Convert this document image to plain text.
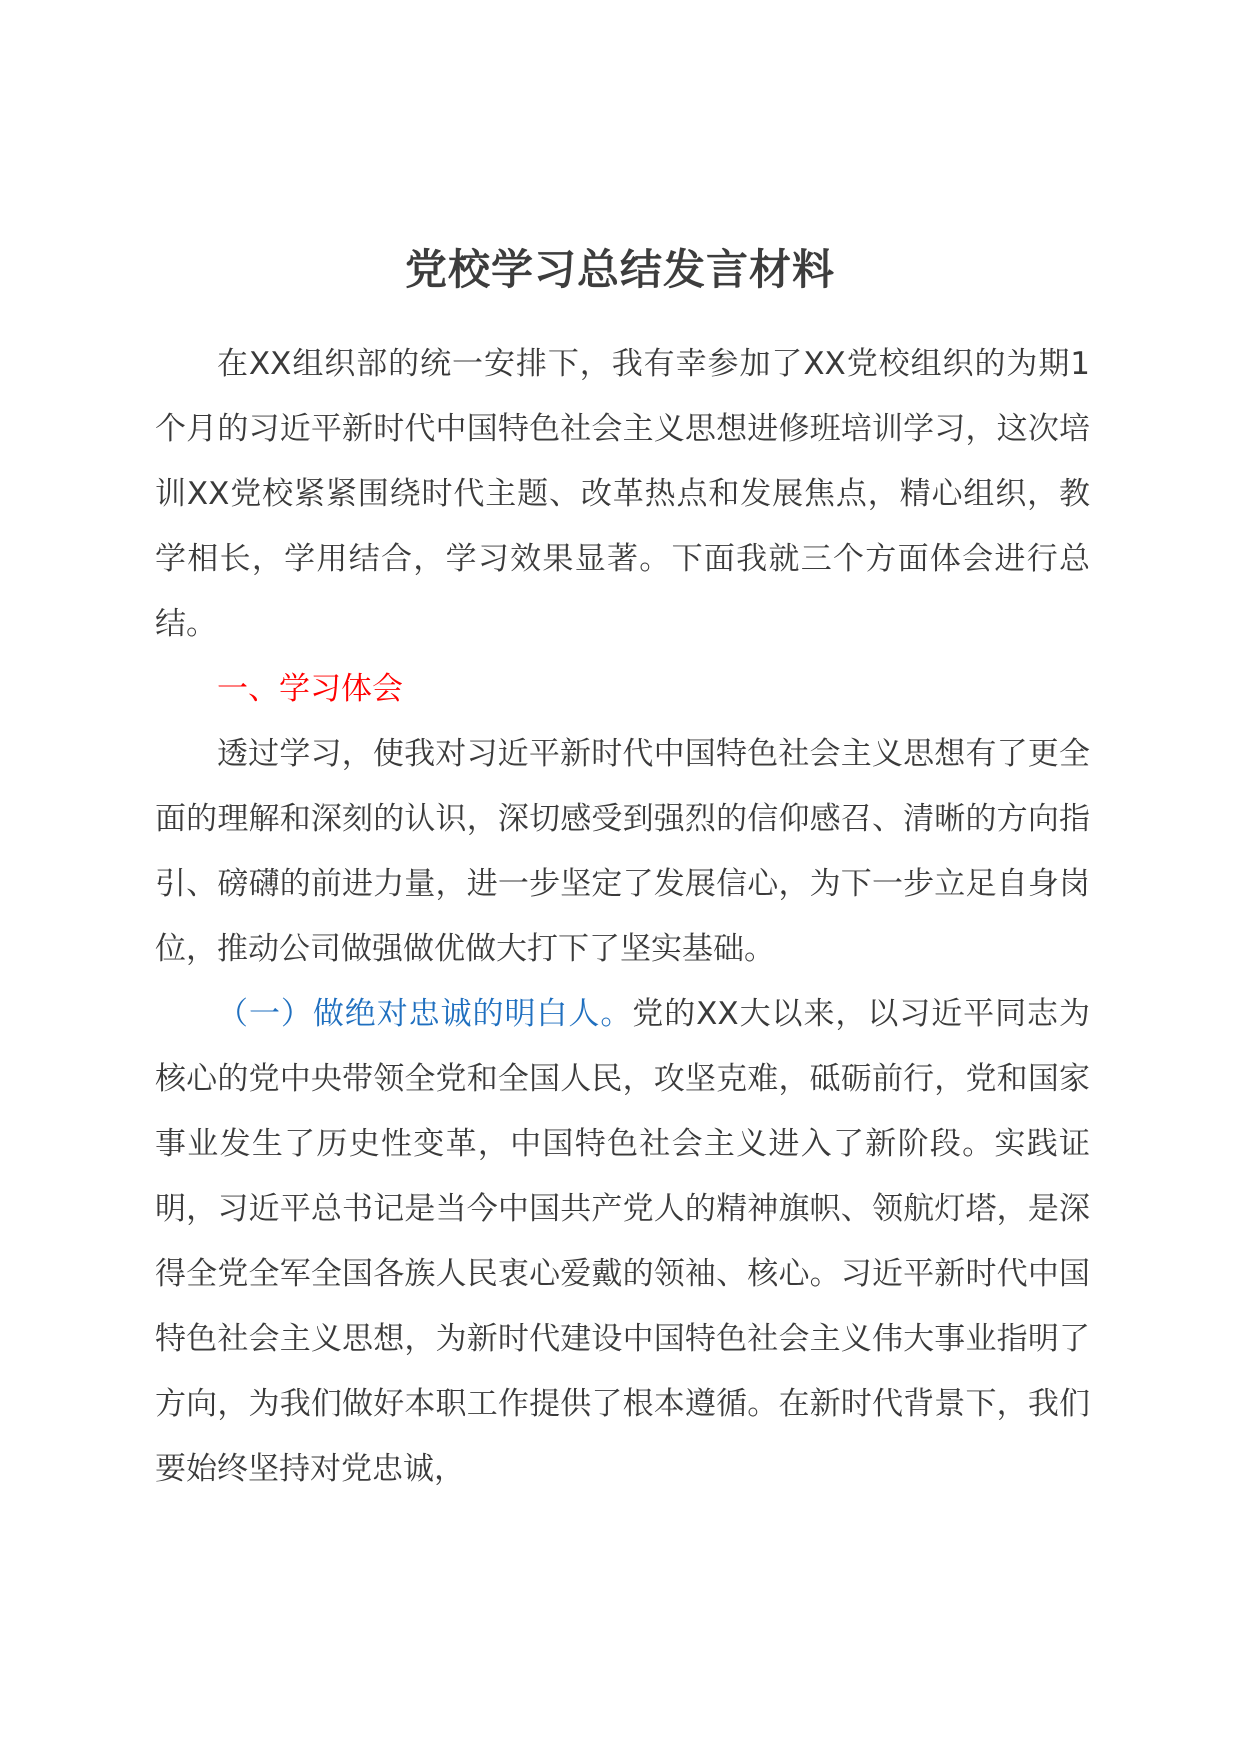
党校学习总结发言材料

在XX组织部的统一安排下，我有幸参加了XX党校组织的为期1个月的习近平新时代中国特色社会主义思想进修班培训学习，这次培训XX党校紧紧围绕时代主题、改革热点和发展焦点，精心组织，教学相长，学用结合，学习效果显著。下面我就三个方面体会进行总结。

一、学习体会

透过学习，使我对习近平新时代中国特色社会主义思想有了更全面的理解和深刻的认识，深切感受到强烈的信仰感召、清晰的方向指引、磅礴的前进力量，进一步坚定了发展信心，为下一步立足自身岗位，推动公司做强做优做大打下了坚实基础。

（一）做绝对忠诚的明白人。党的XX大以来，以习近平同志为核心的党中央带领全党和全国人民，攻坚克难，砥砺前行，党和国家事业发生了历史性变革，中国特色社会主义进入了新阶段。实践证明，习近平总书记是当今中国共产党人的精神旗帜、领航灯塔，是深得全党全军全国各族人民衷心爱戴的领袖、核心。习近平新时代中国特色社会主义思想，为新时代建设中国特色社会主义伟大事业指明了方向，为我们做好本职工作提供了根本遵循。在新时代背景下，我们要始终坚持对党忠诚，
